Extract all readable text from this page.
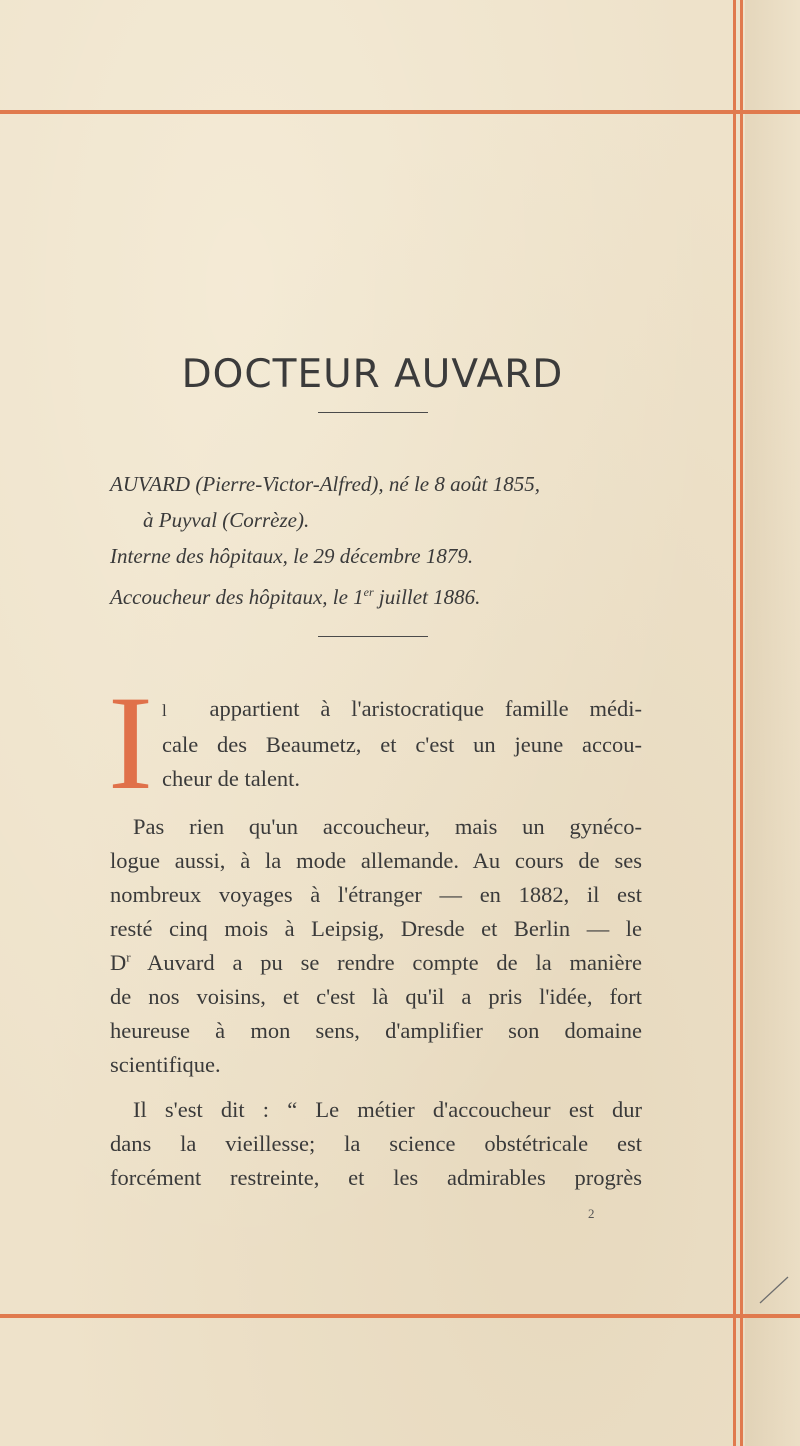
DOCTEUR AUVARD
AUVARD (Pierre-Victor-Alfred), né le 8 août 1855,
à Puyval (Corrèze).
Interne des hôpitaux, le 29 décembre 1879.
Accoucheur des hôpitaux, le 1er juillet 1886.
I l appartient à l'aristocratique famille médi-
cale des Beaumetz, et c'est un jeune accou-
cheur de talent.
Pas rien qu'un accoucheur, mais un gynéco-
logue aussi, à la mode allemande. Au cours de ses
nombreux voyages à l'étranger — en 1882, il est
resté cinq mois à Leipsig, Dresde et Berlin — le
$D^r$ Auvard a pu se rendre compte de la manière
de nos voisins, et c'est là qu'il a pris l'idée, fort
heureuse à mon sens, d'amplifier son domaine
scientifique.
Il s'est dit : “ Le métier d'accoucheur est dur
dans la vieillesse; la science obstétricale est
forcément restreinte, et les admirables progrès
2
